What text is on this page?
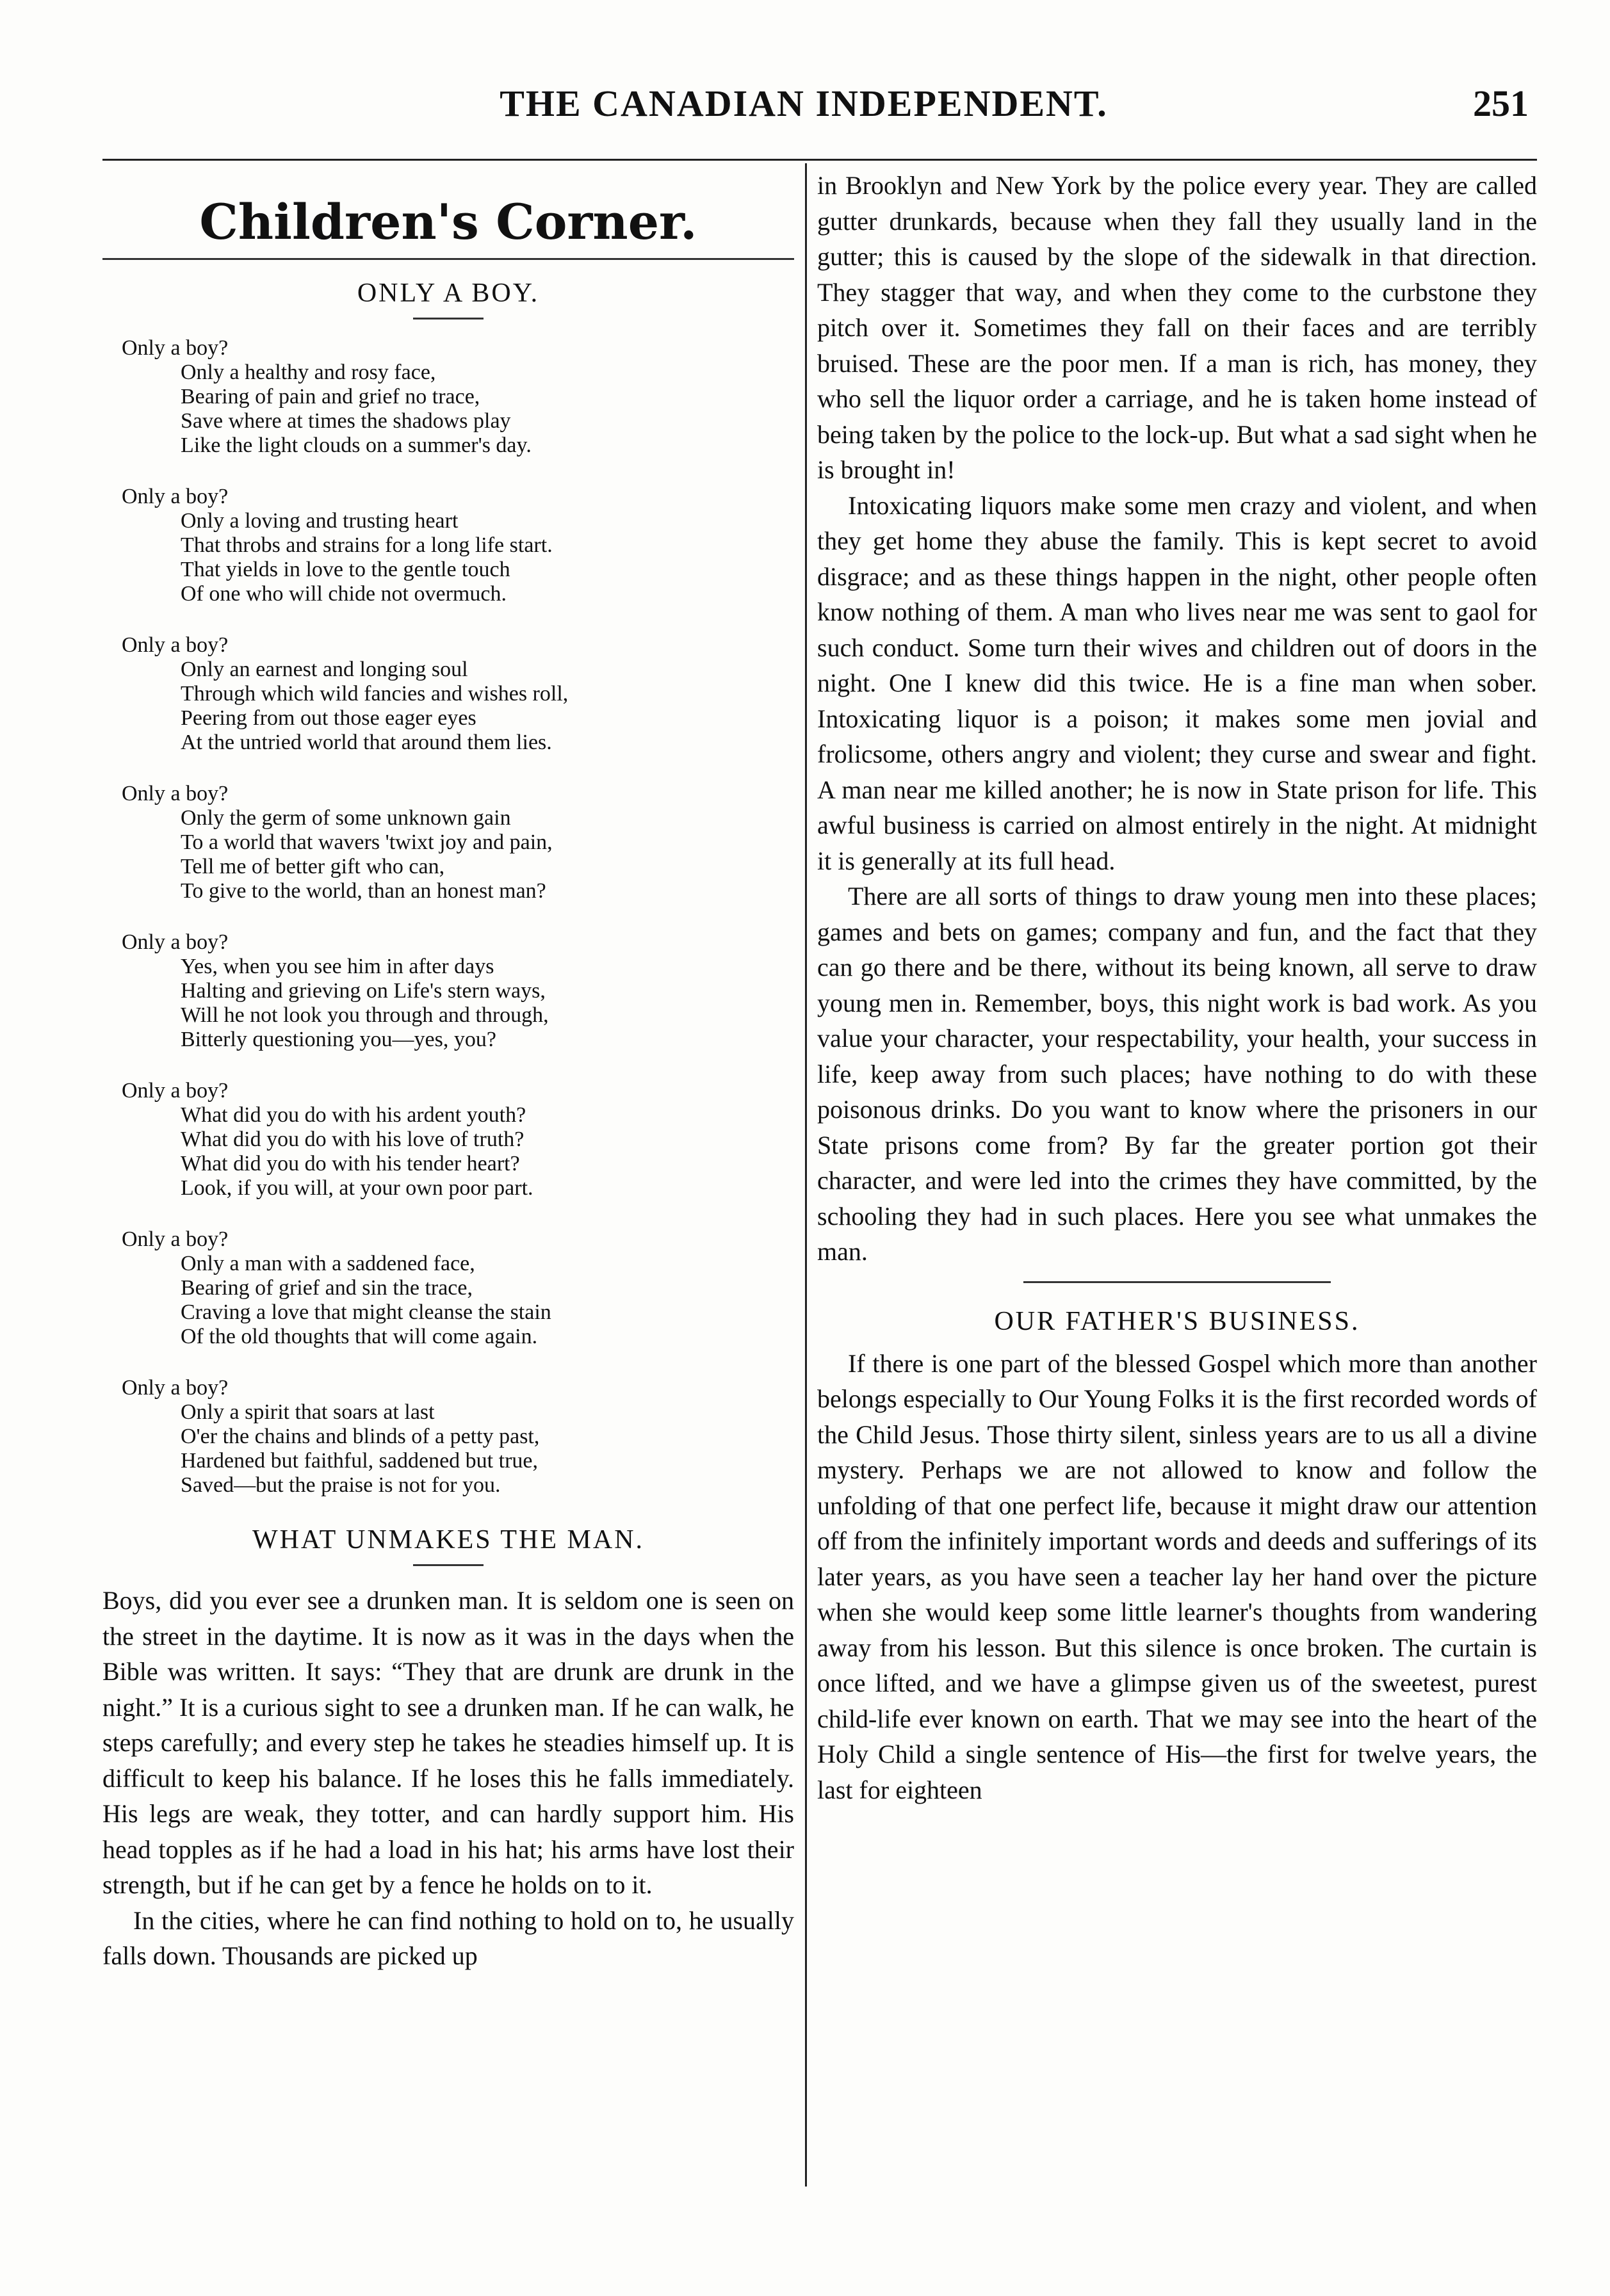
THE CANADIAN INDEPENDENT.	251
Children's Corner.
ONLY A BOY.
Only a boy?
Only a healthy and rosy face,
Bearing of pain and grief no trace,
Save where at times the shadows play
Like the light clouds on a summer's day.
Only a boy?
Only a loving and trusting heart
That throbs and strains for a long life start.
That yields in love to the gentle touch
Of one who will chide not overmuch.
Only a boy?
Only an earnest and longing soul
Through which wild fancies and wishes roll,
Peering from out those eager eyes
At the untried world that around them lies.
Only a boy?
Only the germ of some unknown gain
To a world that wavers 'twixt joy and pain,
Tell me of better gift who can,
To give to the world, than an honest man?
Only a boy?
Yes, when you see him in after days
Halting and grieving on Life's stern ways,
Will he not look you through and through,
Bitterly questioning you—yes, you?
Only a boy?
What did you do with his ardent youth?
What did you do with his love of truth?
What did you do with his tender heart?
Look, if you will, at your own poor part.
Only a boy?
Only a man with a saddened face,
Bearing of grief and sin the trace,
Craving a love that might cleanse the stain
Of the old thoughts that will come again.
Only a boy?
Only a spirit that soars at last
O'er the chains and blinds of a petty past,
Hardened but faithful, saddened but true,
Saved—but the praise is not for you.
WHAT UNMAKES THE MAN.

Boys, did you ever see a drunken man. It is seldom one is seen on the street in the daytime. It is now as it was in the days when the Bible was written. It says: “They that are drunk are drunk in the night.” It is a curious sight to see a drunken man. If he can walk, he steps carefully; and every step he takes he steadies himself up. It is difficult to keep his balance. If he loses this he falls immediately. His legs are weak, they totter, and can hardly support him. His head topples as if he had a load in his hat; his arms have lost their strength, but if he can get by a fence he holds on to it.

In the cities, where he can find nothing to hold on to, he usually falls down. Thousands are picked up

in Brooklyn and New York by the police every year. They are called gutter drunkards, because when they fall they usually land in the gutter; this is caused by the slope of the sidewalk in that direction. They stagger that way, and when they come to the curbstone they pitch over it. Sometimes they fall on their faces and are terribly bruised. These are the poor men. If a man is rich, has money, they who sell the liquor order a carriage, and he is taken home instead of being taken by the police to the lock-up. But what a sad sight when he is brought in!

Intoxicating liquors make some men crazy and violent, and when they get home they abuse the family. This is kept secret to avoid disgrace; and as these things happen in the night, other people often know nothing of them. A man who lives near me was sent to gaol for such conduct. Some turn their wives and children out of doors in the night. One I knew did this twice. He is a fine man when sober. Intoxicating liquor is a poison; it makes some men jovial and frolicsome, others angry and violent; they curse and swear and fight. A man near me killed another; he is now in State prison for life. This awful business is carried on almost entirely in the night. At midnight it is generally at its full head.

There are all sorts of things to draw young men into these places; games and bets on games; company and fun, and the fact that they can go there and be there, without its being known, all serve to draw young men in. Remember, boys, this night work is bad work. As you value your character, your respectability, your health, your success in life, keep away from such places; have nothing to do with these poisonous drinks. Do you want to know where the prisoners in our State prisons come from? By far the greater portion got their character, and were led into the crimes they have committed, by the schooling they had in such places. Here you see what unmakes the man.

OUR FATHER'S BUSINESS.

If there is one part of the blessed Gospel which more than another belongs especially to Our Young Folks it is the first recorded words of the Child Jesus. Those thirty silent, sinless years are to us all a divine mystery. Perhaps we are not allowed to know and follow the unfolding of that one perfect life, because it might draw our attention off from the infinitely important words and deeds and sufferings of its later years, as you have seen a teacher lay her hand over the picture when she would keep some little learner's thoughts from wandering away from his lesson. But this silence is once broken. The curtain is once lifted, and we have a glimpse given us of the sweetest, purest child-life ever known on earth. That we may see into the heart of the Holy Child a single sentence of His—the first for twelve years, the last for eighteen
